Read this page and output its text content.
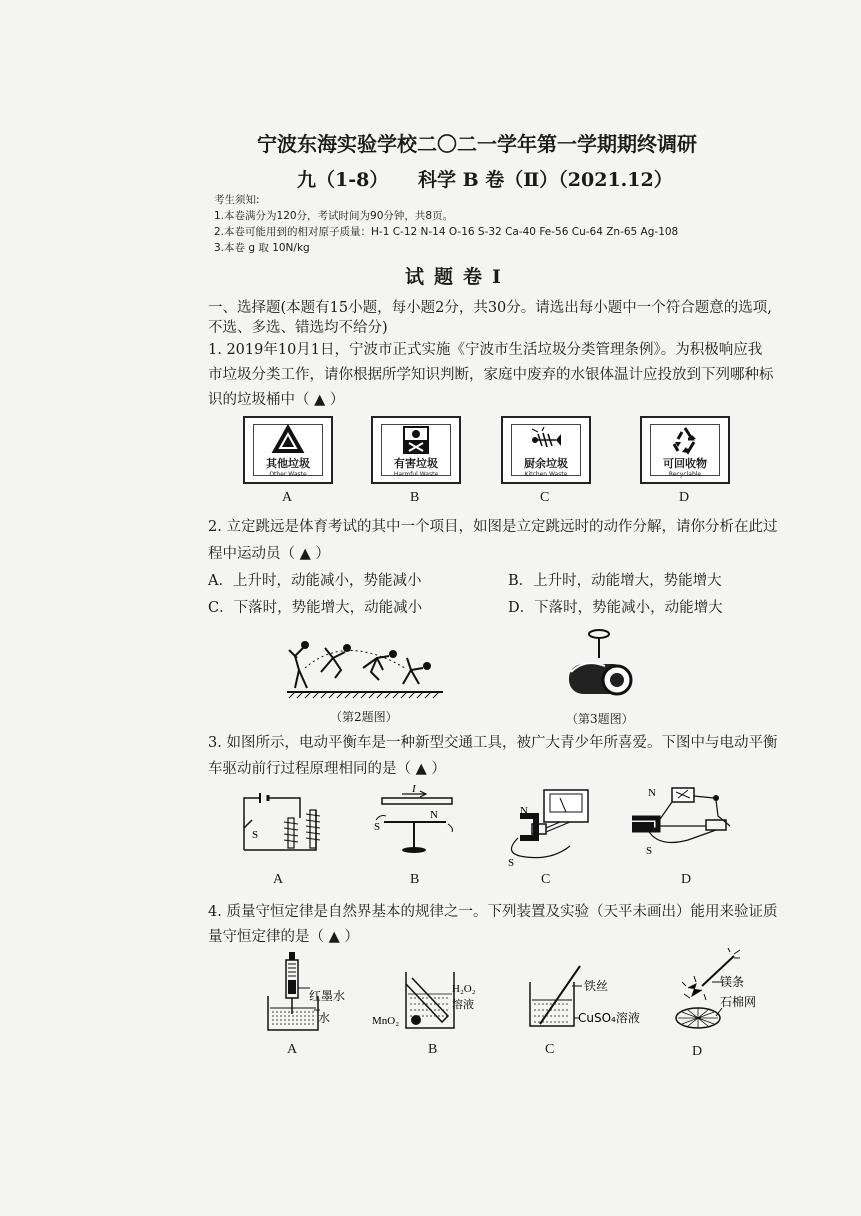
宁波东海实验学校二〇二一学年第一学期期终调研
九（1-8） 科学 B 卷（Ⅱ）（2021.12）
考生须知:
1.本卷满分为120分，考试时间为90分钟，共8页。
2.本卷可能用到的相对原子质量：H-1 C-12 N-14 O-16 S-32 Ca-40 Fe-56 Cu-64 Zn-65 Ag-108
3.本卷 g 取 10N/kg
试题卷Ⅰ
一、选择题(本题有15小题，每小题2分，共30分。请选出每小题中一个符合题意的选项,
不选、多选、错选均不给分)
1. 2019年10月1日，宁波市正式实施《宁波市生活垃圾分类管理条例》。为积极响应我
市垃圾分类工作，请你根据所学知识判断，家庭中废弃的水银体温计应投放到下列哪种标
识的垃圾桶中（ ▲ ）
其他垃圾
Other Waste
有害垃圾
Harmful Waste
厨余垃圾
Kitchen Waste
可回收物
Recyclable
A	B	C	D
2. 立定跳远是体育考试的其中一个项目，如图是立定跳远时的动作分解，请你分析在此过
程中运动员（ ▲ ）
A．上升时，动能减小，势能减小	B．上升时，动能增大，势能增大
C．下落时，势能增大，动能减小	D．下落时，势能减小，动能增大
（第2题图）	（第3题图）
3. 如图所示，电动平衡车是一种新型交通工具，被广大青少年所喜爱。下图中与电动平衡
车驱动前行过程原理相同的是（ ▲ ）
S
A
I
S
N
B
N
S
C
N
S
D
4. 质量守恒定律是自然界基本的规律之一。下列装置及实验（天平未画出）能用来验证质
量守恒定律的是（ ▲ ）
红墨水
水
A
MnO₂
H₂O₂
溶液
B
铁丝
CuSO₄溶液
C
镁条
石棉网
D
